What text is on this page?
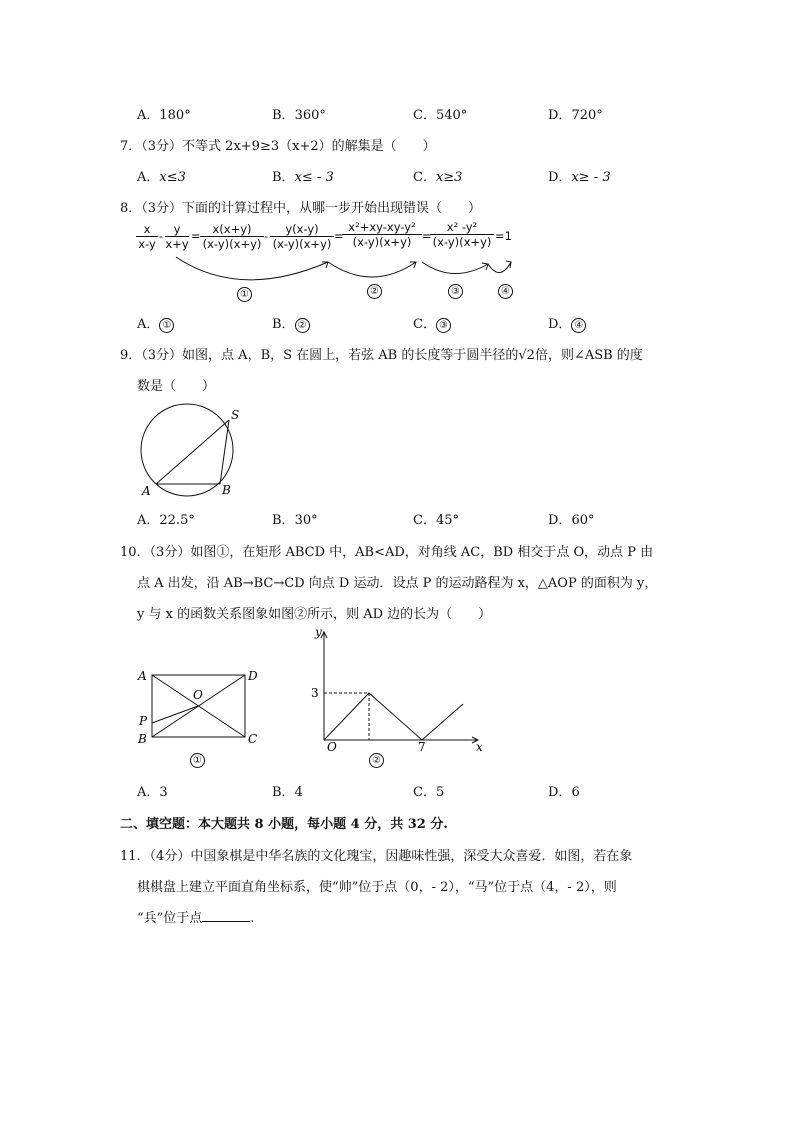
A．180°	B．360°	C．540°	D．720°
7．（3分）不等式 2x+9≥3（x+2）的解集是（　　）
A．x≤3	B．x≤ - 3	C．x≥3	D．x≥ - 3
8．（3分）下面的计算过程中，从哪一步开始出现错误（　　）
$\frac{x}{x-y} - \frac{y}{x+y} = \frac{x(x+y)}{(x-y)(x+y)} - \frac{y(x-y)}{(x-y)(x+y)}$ =
$\frac{\text{x²+xy-xy-y²}}{(x-y)(x+y)}$ =
$\frac{\text{x² -y²}}{(x-y)(x+y)} =1$
①	②	③	④
A． ①	B． ②	C． ③	D． ④
9．（3分）如图，点 A，B，S 在圆上，若弦 AB 的长度等于圆半径的√2倍，则∠ASB 的度
数是（　　）
S
A	B
A．22.5°	B．30°	C．45°	D．60°
10．（3分）如图①，在矩形 ABCD 中，AB<AD，对角线 AC，BD 相交于点 O，动点 P 由
点 A 出发，沿 AB→BC→CD 向点 D 运动．设点 P 的运动路程为 x，△AOP 的面积为 y，
y 与 x 的函数关系图象如图②所示，则 AD 边的长为（　　）
A	D
O
P
B	C
①
y
x
O
3
7
②
A．3	B．4	C．5	D．6
二、填空题：本大题共 8 小题，每小题 4 分，共 32 分.
11．（4分）中国象棋是中华名族的文化瑰宝，因趣味性强，深受大众喜爱．如图，若在象
棋棋盘上建立平面直角坐标系，使“帅”位于点（0，- 2），“马”位于点（4，- 2），则
“兵”位于点	.
